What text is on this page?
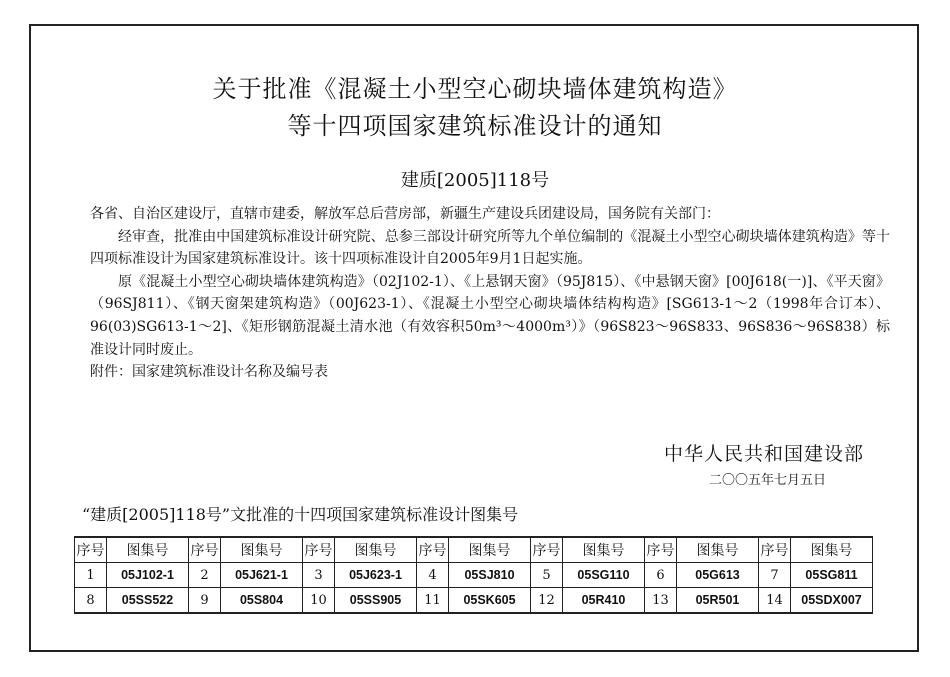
关于批准《混凝土小型空心砌块墙体建筑构造》
等十四项国家建筑标准设计的通知
建质[2005]118号

各省、自治区建设厅，直辖市建委，解放军总后营房部，新疆生产建设兵团建设局，国务院有关部门：

经审查，批准由中国建筑标准设计研究院、总参三部设计研究所等九个单位编制的《混凝土小型空心砌块墙体建筑构造》等十四项标准设计为国家建筑标准设计。该十四项标准设计自2005年9月1日起实施。

原《混凝土小型空心砌块墙体建筑构造》（02J102-1）、《上悬钢天窗》（95J815）、《中悬钢天窗》[00J618(一)]、《平天窗》（96SJ811）、《钢天窗架建筑构造》（00J623-1）、《混凝土小型空心砌块墙体结构构造》[SG613-1～2（1998年合订本）、96(03)SG613-1～2]、《矩形钢筋混凝土清水池（有效容积50m³～4000m³）》（96S823～96S833、96S836～96S838）标准设计同时废止。

附件：国家建筑标准设计名称及编号表

中华人民共和国建设部
二〇〇五年七月五日
“建质[2005]118号”文批准的十四项国家建筑标准设计图集号
序号	图集号	序号	图集号	序号	图集号	序号	图集号	序号	图集号	序号	图集号	序号	图集号
1	05J102-1	2	05J621-1	3	05J623-1	4	05SJ810	5	05SG110	6	05G613	7	05SG811
8	05SS522	9	05S804	10	05SS905	11	05SK605	12	05R410	13	05R501	14	05SDX007
